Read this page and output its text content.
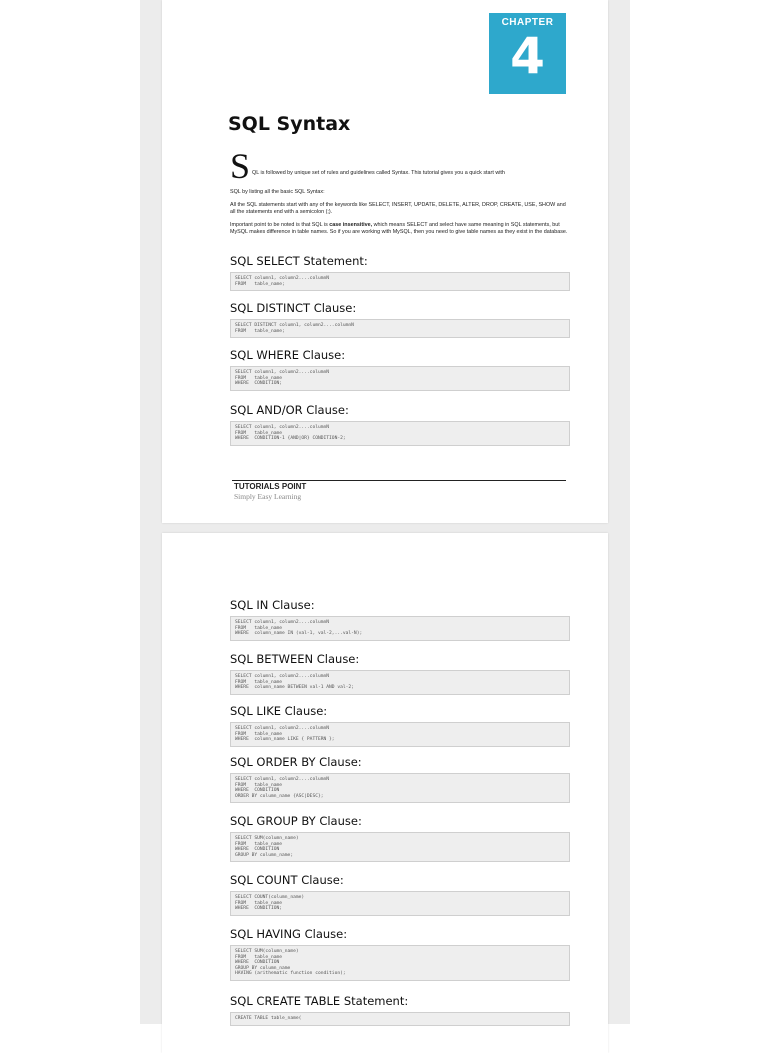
CHAPTER
4
SQL Syntax
S QL is followed by unique set of rules and guidelines called Syntax. This tutorial gives you a quick start with
SQL by listing all the basic SQL Syntax:
All the SQL statements start with any of the keywords like SELECT, INSERT, UPDATE, DELETE, ALTER, DROP, CREATE, USE, SHOW and all the statements end with a semicolon (;).
Important point to be noted is that SQL is case insensitive, which means SELECT and select have same meaning in SQL statements, but MySQL makes difference in table names. So if you are working with MySQL, then you need to give table names as they exist in the database.
SQL SELECT Statement:
SELECT column1, column2....columnN
FROM   table_name;
SQL DISTINCT Clause:
SELECT DISTINCT column1, column2....columnN
FROM   table_name;
SQL WHERE Clause:
SELECT column1, column2....columnN
FROM   table_name
WHERE  CONDITION;
SQL AND/OR Clause:
SELECT column1, column2....columnN
FROM   table_name
WHERE  CONDITION-1 {AND|OR} CONDITION-2;
TUTORIALS POINT
Simply Easy Learning
SQL IN Clause:
SELECT column1, column2....columnN
FROM   table_name
WHERE  column_name IN (val-1, val-2,...val-N);
SQL BETWEEN Clause:
SELECT column1, column2....columnN
FROM   table_name
WHERE  column_name BETWEEN val-1 AND val-2;
SQL LIKE Clause:
SELECT column1, column2....columnN
FROM   table_name
WHERE  column_name LIKE { PATTERN };
SQL ORDER BY Clause:
SELECT column1, column2....columnN
FROM   table_name
WHERE  CONDITION
ORDER BY column_name {ASC|DESC};
SQL GROUP BY Clause:
SELECT SUM(column_name)
FROM   table_name
WHERE  CONDITION
GROUP BY column_name;
SQL COUNT Clause:
SELECT COUNT(column_name)
FROM   table_name
WHERE  CONDITION;
SQL HAVING Clause:
SELECT SUM(column_name)
FROM   table_name
WHERE  CONDITION
GROUP BY column_name
HAVING (arithematic function condition);
SQL CREATE TABLE Statement:
CREATE TABLE table_name(
